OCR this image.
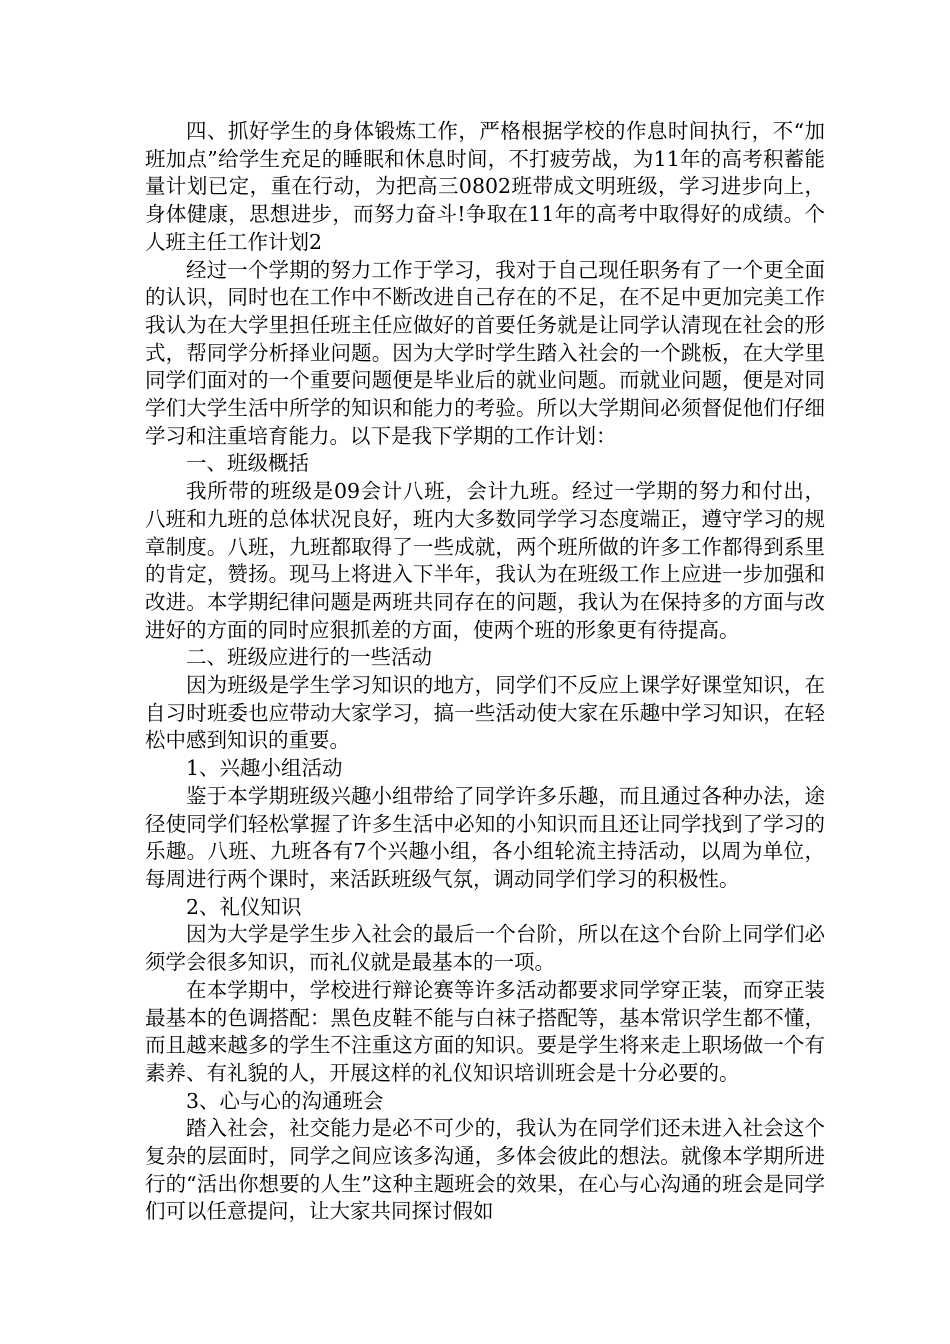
四、抓好学生的身体锻炼工作，严格根据学校的作息时间执行，不“加班加点”给学生充足的睡眠和休息时间，不打疲劳战，为11年的高考积蓄能量计划已定，重在行动，为把高三0802班带成文明班级，学习进步向上，身体健康，思想进步，而努力奋斗!争取在11年的高考中取得好的成绩。个人班主任工作计划2

经过一个学期的努力工作于学习，我对于自己现任职务有了一个更全面的认识，同时也在工作中不断改进自己存在的不足，在不足中更加完美工作我认为在大学里担任班主任应做好的首要任务就是让同学认清现在社会的形式，帮同学分析择业问题。因为大学时学生踏入社会的一个跳板，在大学里同学们面对的一个重要问题便是毕业后的就业问题。而就业问题，便是对同学们大学生活中所学的知识和能力的考验。所以大学期间必须督促他们仔细学习和注重培育能力。以下是我下学期的工作计划：

一、班级概括

我所带的班级是09会计八班，会计九班。经过一学期的努力和付出，八班和九班的总体状况良好，班内大多数同学学习态度端正，遵守学习的规章制度。八班，九班都取得了一些成就，两个班所做的许多工作都得到系里的肯定，赞扬。现马上将进入下半年，我认为在班级工作上应进一步加强和改进。本学期纪律问题是两班共同存在的问题，我认为在保持多的方面与改进好的方面的同时应狠抓差的方面，使两个班的形象更有待提高。

二、班级应进行的一些活动

因为班级是学生学习知识的地方，同学们不反应上课学好课堂知识，在自习时班委也应带动大家学习，搞一些活动使大家在乐趣中学习知识，在轻松中感到知识的重要。

1、兴趣小组活动

鉴于本学期班级兴趣小组带给了同学许多乐趣，而且通过各种办法，途径使同学们轻松掌握了许多生活中必知的小知识而且还让同学找到了学习的乐趣。八班、九班各有7个兴趣小组，各小组轮流主持活动，以周为单位，每周进行两个课时，来活跃班级气氛，调动同学们学习的积极性。

2、礼仪知识

因为大学是学生步入社会的最后一个台阶，所以在这个台阶上同学们必须学会很多知识，而礼仪就是最基本的一项。

在本学期中，学校进行辩论赛等许多活动都要求同学穿正装，而穿正装最基本的色调搭配：黑色皮鞋不能与白袜子搭配等，基本常识学生都不懂，而且越来越多的学生不注重这方面的知识。要是学生将来走上职场做一个有素养、有礼貌的人，开展这样的礼仪知识培训班会是十分必要的。

3、心与心的沟通班会

踏入社会，社交能力是必不可少的，我认为在同学们还未进入社会这个复杂的层面时，同学之间应该多沟通，多体会彼此的想法。就像本学期所进行的“活出你想要的人生”这种主题班会的效果，在心与心沟通的班会是同学们可以任意提问，让大家共同探讨假如
